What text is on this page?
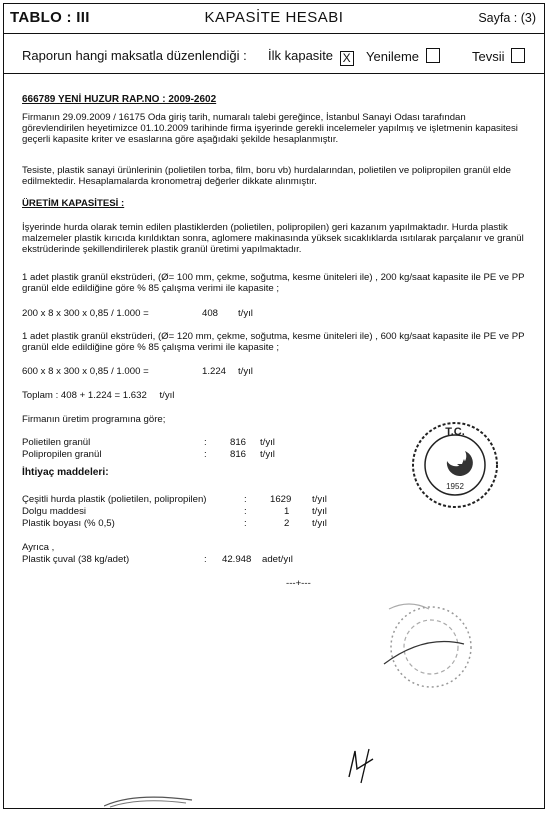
TABLO : III	KAPASİTE HESABI	Sayfa : (3)
Raporun hangi maksatla düzenlendiği : İlk kapasite X Yenileme	Tevsii

666789 YENİ HUZUR RAP.NO : 2009-2602

Firmanın 29.09.2009 / 16175 Oda giriş tarih, numaralı talebi gereğince, İstanbul Sanayi Odası tarafından görevlendirilen heyetimizce 01.10.2009 tarihinde firma işyerinde gerekli incelemeler yapılmış ve işletmenin kapasitesi geçerli kapasite kriter ve esaslarına göre aşağıdaki şekilde hesaplanmıştır.

Tesiste, plastik sanayi ürünlerinin (polietilen torba, film, boru vb) hurdalarından, polietilen ve polipropilen granül elde edilmektedir. Hesaplamalarda kronometraj değerler dikkate alınmıştır.

ÜRETİM KAPASİTESİ :

İşyerinde hurda olarak temin edilen plastiklerden (polietilen, polipropilen) geri kazanım yapılmaktadır. Hurda plastik malzemeler plastik kırıcıda kırıldıktan sonra, aglomere makinasında yüksek sıcaklıklarda ısıtılarak parçalanır ve granül ekstrüderinde şekillendirilerek plastik granül üretimi yapılmaktadır.

1 adet plastik granül ekstrüderi, (Ø= 100 mm, çekme, soğutma, kesme üniteleri ile) , 200 kg/saat kapasite ile PE ve PP granül elde edildiğine göre % 85 çalışma verimi ile kapasite ;

200 x 8 x 300 x 0,85 / 1.000 =	408 t/yıl

1 adet plastik granül ekstrüderi, (Ø= 120 mm, çekme, soğutma, kesme üniteleri ile) , 600 kg/saat kapasite ile PE ve PP granül elde edildiğine göre % 85 çalışma verimi ile kapasite ;

600 x 8 x 300 x 0,85 / 1.000 =	1.224 t/yıl
Toplam : 408 + 1.224 = 1.632 t/yıl

Firmanın üretim programına göre;

Polietilen granül	: 816 t/yıl
Polipropilen granül	: 816 t/yıl

İhtiyaç maddeleri:

Çeşitli hurda plastik (polietilen, polipropilen)	: 1629 t/yıl
Dolgu maddesi	:	1 t/yıl
Plastik boyası (% 0,5)	:	2 t/yıl

Ayrıca ,

Plastik çuval (38 kg/adet)	: 42.948 adet/yıl
---+---
1952
T.C.
